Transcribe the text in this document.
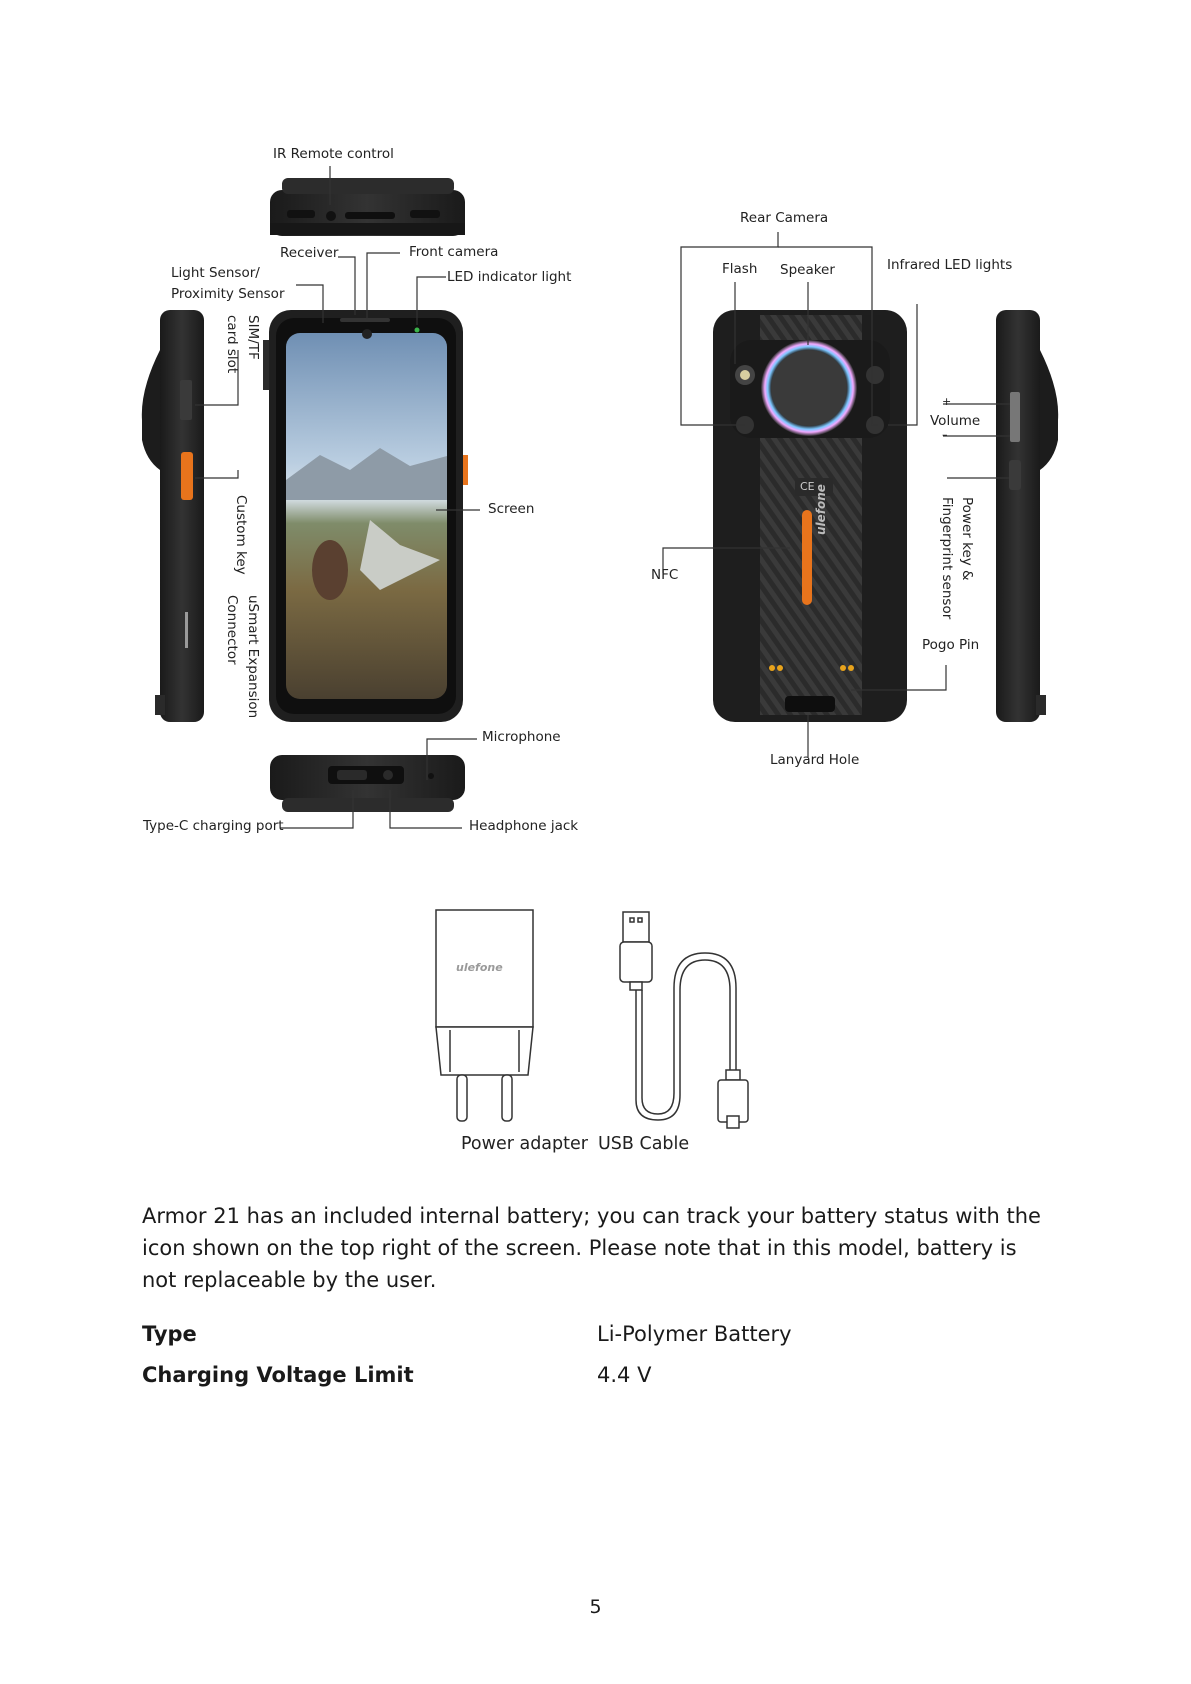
ulefone
CE
ulefone
IR Remote control
Receiver	Front camera
Light Sensor/
Proximity Sensor
LED indicator light
SIM/TF
card slot
Custom key
uSmart Expansion
Connector
Screen
Microphone
Type-C charging port	Headphone jack
Rear Camera
Flash Speaker	Infrared LED lights
+
Volume
–
Power key &
Fingerprint sensor
NFC
Pogo Pin
Lanyard Hole
Power adapter USB Cable
Armor 21 has an included internal battery; you can track your battery status with the icon shown on the top right of the screen. Please note that in this model, battery is not replaceable by the user.
Type	Li-Polymer Battery
Charging Voltage Limit	4.4 V
5
